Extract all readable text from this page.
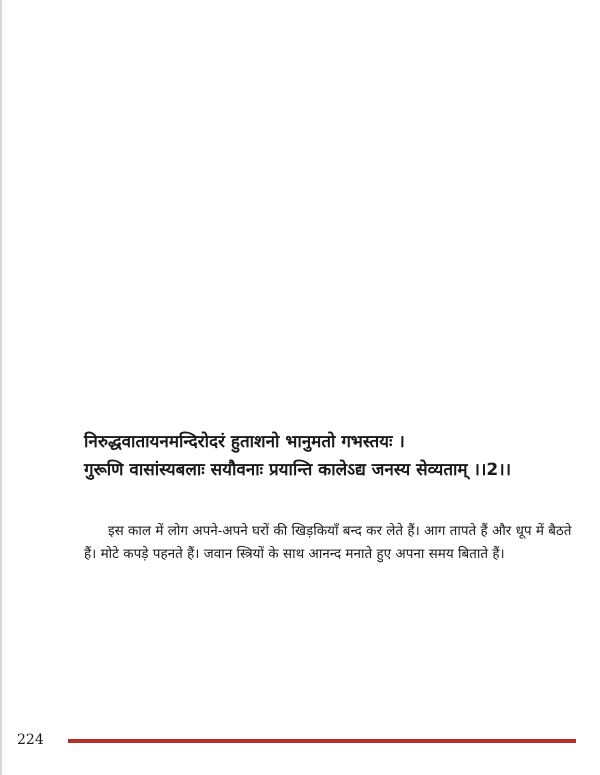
निरुद्धवातायनमन्दिरोदरं हुताशनो भानुमतो गभस्तयः ।

गुरूणि वासांस्यबलाः सयौवनाः प्रयान्ति कालेऽद्य जनस्य सेव्यताम् ।।2।।

इस काल में लोग अपने-अपने घरों की खिड़कियाँ बन्द कर लेते हैं। आग तापते हैं और धूप में बैठते हैं। मोटे कपड़े पहनते हैं। जवान स्त्रियों के साथ आनन्द मनाते हुए अपना समय बिताते हैं।

224
